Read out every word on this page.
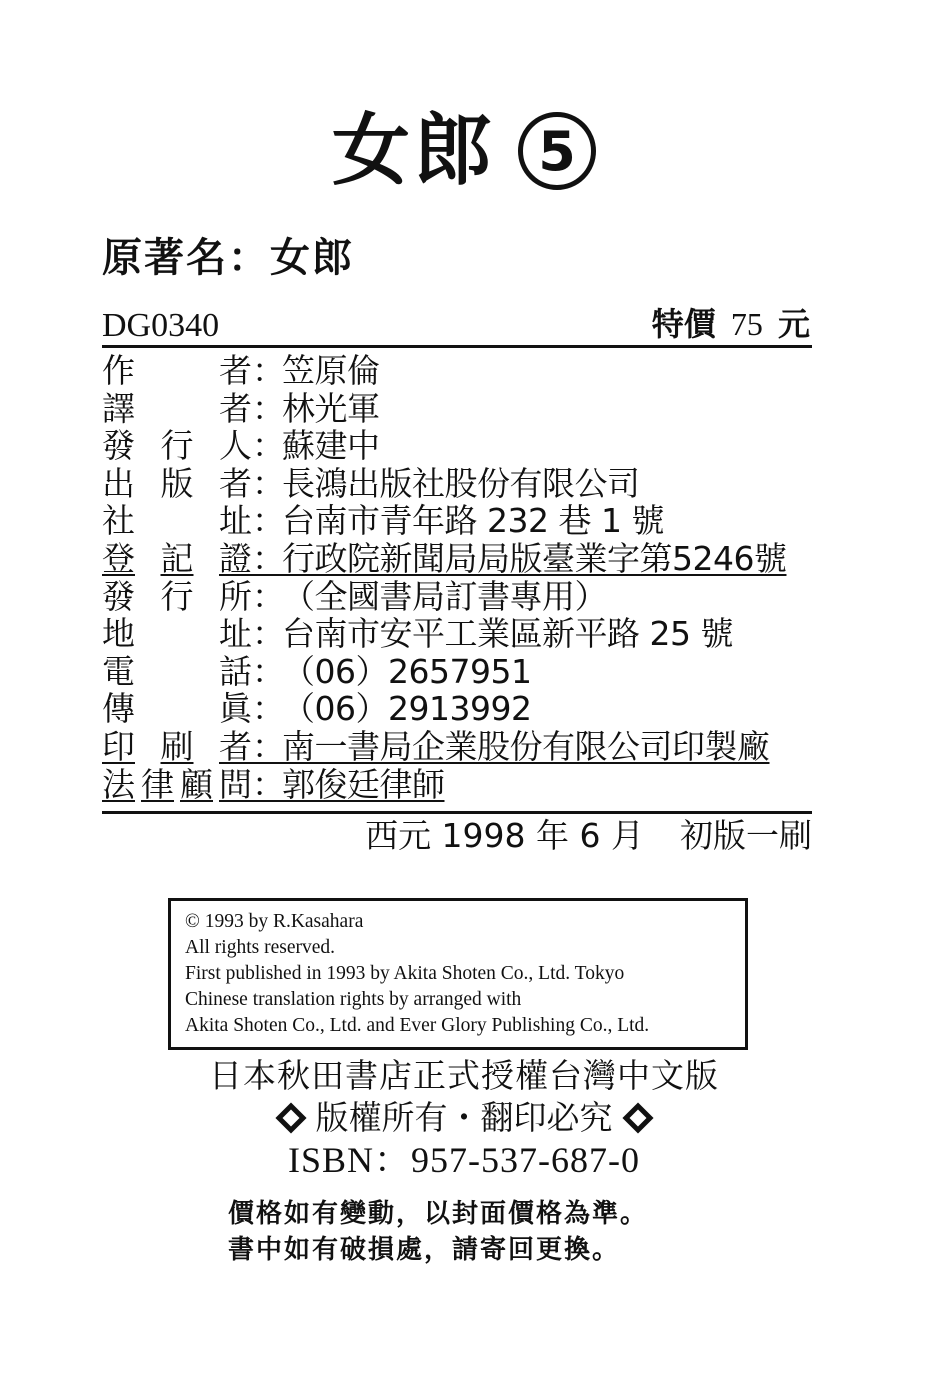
女郎 5
原著名：女郎
DG0340	特價 75 元
作	者 ：
笠原倫
譯	者 ：
林光軍
發 行 人 ：
蘇建中
出 版 者 ：
長鴻出版社股份有限公司
社	址 ：
台南市青年路 232 巷 1 號
登 記 證 ：
行政院新聞局局版臺業字第5246號
發 行 所 ：
（全國書局訂書專用）
地	址 ：
台南市安平工業區新平路 25 號
電	話 ：
（06）2657951
傳	眞 ：
（06）2913992
印 刷 者 ：
南一書局企業股份有限公司印製廠
法 律 顧 問 ：
郭俊廷律師
西元 1998 年 6 月 初版一刷
© 1993 by R.Kasahara
All rights reserved.
First published in 1993 by Akita Shoten Co., Ltd. Tokyo
Chinese translation rights by arranged with
Akita Shoten Co., Ltd. and Ever Glory Publishing Co., Ltd.
日本秋田書店正式授權台灣中文版
版權所有・翻印必究
ISBN：957-537-687-0
價格如有變動，以封面價格為準。
書中如有破損處，請寄回更換。
